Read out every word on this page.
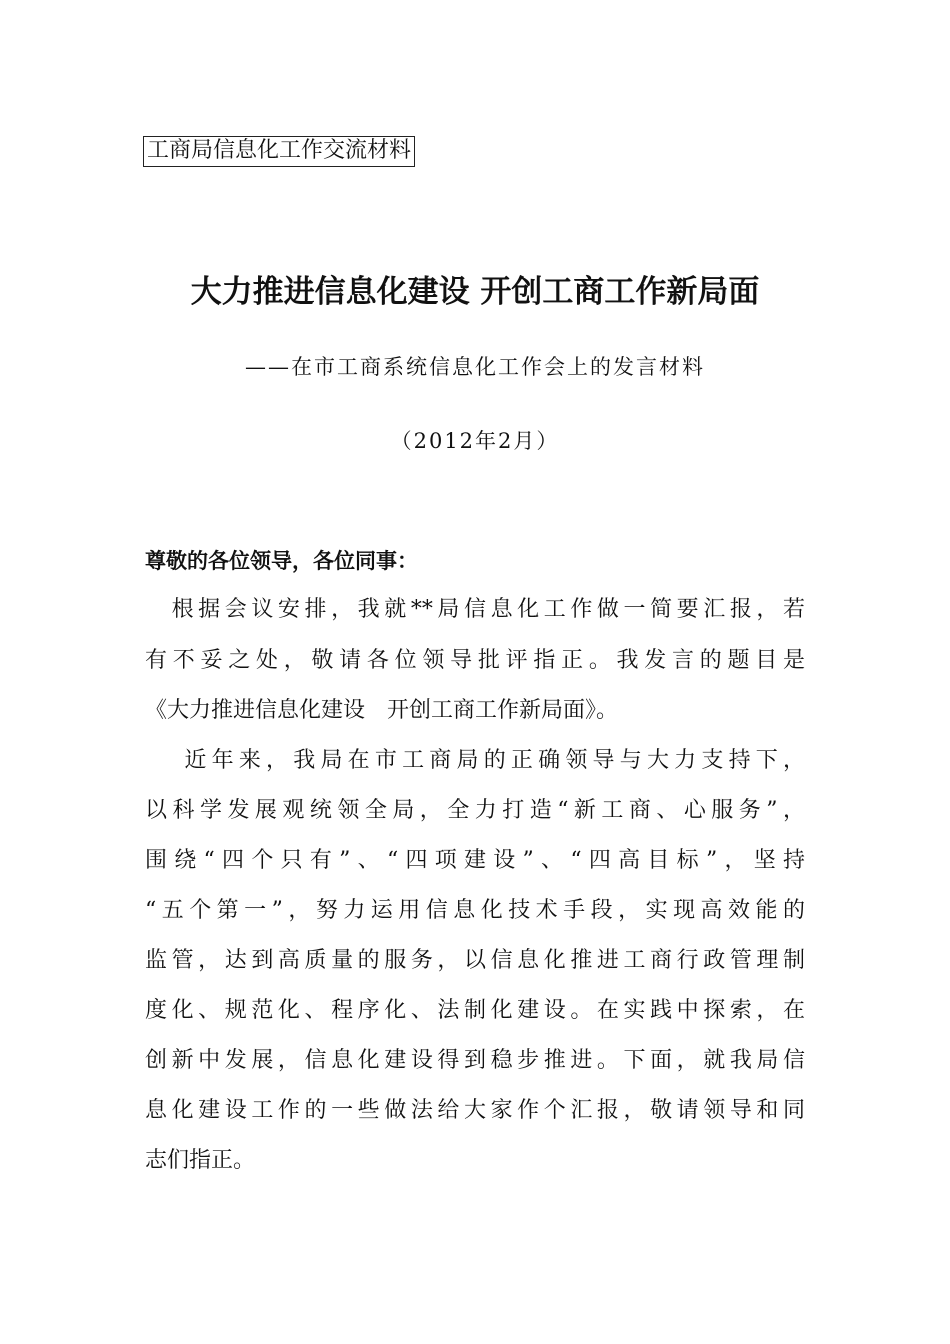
工商局信息化工作交流材料
大力推进信息化建设 开创工商工作新局面
——在市工商系统信息化工作会上的发言材料
（2012年2月）
尊敬的各位领导，各位同事：
　根据会议安排，我就**局信息化工作做一简要汇报，若
有不妥之处，敬请各位领导批评指正。我发言的题目是
《大力推进信息化建设　开创工商工作新局面》。
　 近年来，我局在市工商局的正确领导与大力支持下，
以科学发展观统领全局，全力打造“新工商、心服务”，
围绕“四个只有”、“四项建设”、“四高目标”，坚持
“五个第一”，努力运用信息化技术手段，实现高效能的
监管，达到高质量的服务，以信息化推进工商行政管理制
度化、规范化、程序化、法制化建设。在实践中探索，在
创新中发展，信息化建设得到稳步推进。下面，就我局信
息化建设工作的一些做法给大家作个汇报，敬请领导和同
志们指正。
